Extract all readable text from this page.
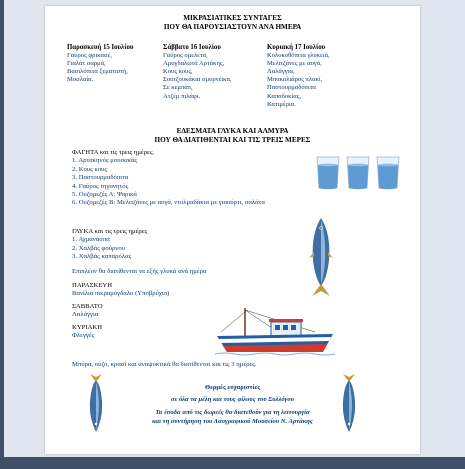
ΜΙΚΡΑΣΙΑΤΙΚΕΣ ΣΥΝΤΑΓΕΣ
ΠΟΥ ΘΑ ΠΑΡΟΥΣΙΑΣΤΟΥΝ ΑΝΑ ΗΜΕΡΑ
Παρασκευή 15 Ιουλίου
Γαύρος φρικασέ,
Γιαλάτ σαρμά,
Βασιλόπιτα ξεματιστή,
Μοσλαία.
Σάββατο 16 Ιουλίου
Γαύρος ομελέτα,
Αμυγδαλωτά Αρτάκης,
Κους κους,
Σουτζουκάκια σμυρνέικα,
Σε κεμπάπ,
Ατζέμ πιλάφι.
Κυριακή 17 Ιουλίου
Κολοκυθόπιτα γλυκειά,
Μελιτζάνες με αυγά,
Λαλάγγια,
Μπακαλιάρος πλακί,
Παστουρμαδόπιτα
Καπαδοκίας,
Κατιμέρια.
ΕΔΕΣΜΑΤΑ ΓΛΥΚΑ ΚΑΙ ΑΛΜΥΡΑ
ΠΟΥ ΘΑ ΔΙΑΤΙΘΕΝΤΑΙ ΚΑΙ ΤΙΣ ΤΡΕΙΣ ΜΕΡΕΣ
ΦΑΓΗΤΑ και τις τρεις ημέρες.
1. Αρτακηνός μουσακάς
2. Κους κους
3. Παστουρμαδόπιτα
4. Γαύρος τηγανητός
5. Ουζομεζές Α: Ψαρικά
6. Ουζομεζές Β: Μελιτζάνες με αυγά, ντολμαδάκια με γιαούρτι, σαλάτα
ΓΛΥΚΑ και τις τρεις ημέρες
1. Αχμανάσπα
2. Χαλβάς φούρνου
3. Χαλβάς καπαρόλας
Επιπλέον θα διατίθενται τα εξής γλυκά ανά ημέρα
ΠΑΡΑΣΚΕΥΗ
Βανίλια πικραμύγδαλο (Υποβρύχιο)
ΣΑΒΒΑΤΟ
Λαλάγγια
ΚΥΡΙΑΚΗ
Φλεγγές
Μπύρα, ούζο, κρασί και αναψυκτικά θα διατίθενται και τις 3 ημέρες.
Θερμές ευχαριστίες
σε όλα τα μέλη και τους φίλους του Συλλόγου
Τα έσοδα από τις δωρεές θα διατεθούν για τη λειτουργία
και τη συντήρηση του Λαογραφικού Μουσείου Ν. Αρτάκης
